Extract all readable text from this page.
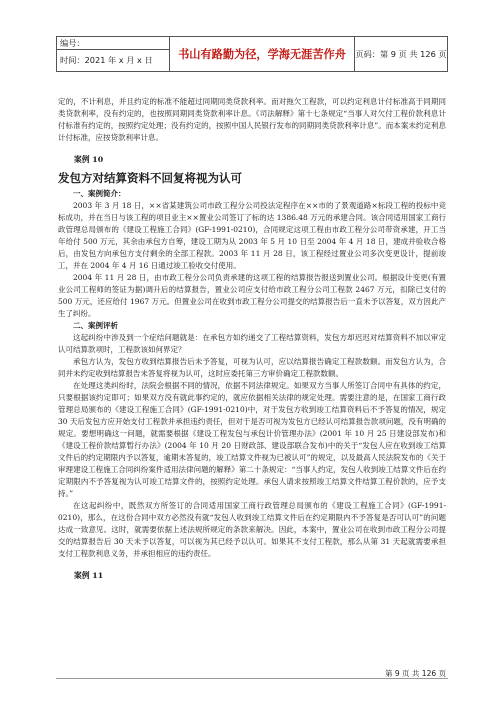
编号：
时间：2021 年 x 月 x 日	书山有路勤为径，学海无涯苦作舟	页码：第 9 页 共 126 页

定的，不计利息，并且约定的标准不能超过同期同类贷款利率。而对拖欠工程款，可以约定利息计付标准高于同期同类贷款利率，没有约定的，也按照同期同类贷款利率计息。《司法解释》第十七条规定“当事人对欠付工程价款利息计付标准有约定的，按照约定处理；没有约定的，按照中国人民银行发布的同期同类贷款利率计息”。而本案未约定利息计付标准，应按贷款利率计息。

案例 10

发包方对结算资料不回复将视为认可

一、案例简介：

2003 年 3 月 18 日，××省某建筑公司市政工程分公司投法定程序在××市的了景观道路×标段工程的投标中竞标成功，并在当日与该工程的项目业主××置业公司签订了标的达 1386.48 万元的承建合同。该合同适用国家工商行政管理总局颁布的《建设工程施工合同》(GF-1991-0210)，合同规定这项工程由市政工程分公司带资承建，开工当年给付 500 万元，其余由承包方自筹，建设工期为从 2003 年 5 月 10 日至 2004 年 4 月 18 日，建成并验收合格后，由发包方向承包方支付剩余的全部工程款。2003 年 11 月 28 日，该工程经过置业公司多次变更设计，提前竣工，并在 2004 年 4 月 16 日通过竣工验收交付使用。

2004 年 11 月 28 日，由市政工程分公司负责承建的这项工程的结算报告报送到置业公司。根据设计变更(有置业公司工程师的签证为据)调升后的结算报告，置业公司应支付给市政工程分公司工程款 2467 万元，扣除已支付的 500 万元，还应给付 1967 万元。但置业公司在收到市政工程分公司提交的结算报告后一直未予以答复，双方因此产生了纠纷。

二、案例评析

这起纠纷中涉及到一个症结问题就是：在承包方如约递交了工程结算资料，发包方却迟迟对结算资料不加以审定认可结算款项时，工程款该如何界定？

承包方认为，发包方收到结算报告后未予答复，可视为认可，应以结算报告确定工程款数额。而发包方认为，合同并未约定收到结算报告未答复将视为认可，这时应委托第三方审价确定工程款数额。

在处理这类纠纷时，法院会根据不同的情况，依据不同法律规定。如果双方当事人所签订合同中有具体的约定，只要根据该约定即可；如果双方没有就此事约定的，就应依据相关法律的规定处理。需要注意的是，在国家工商行政管理总局颁布的《建设工程施工合同》(GF-1991-0210)中，对于发包方收到竣工结算资料后不予答复的情况，规定 30 天后发包方应开始支付工程款并承担违约责任，但对于是否可视为发包方已经认可结算报告款项问题，没有明确的规定。要想明确这一问题，就需要根据《建设工程发包与承包计价管理办法》(2001 年 10 月 25 日建设部发布)和《建设工程价款结算暂行办法》(2004 年 10 月 20 日财政部、建设部联合发布)中的关于“发包人应在收到竣工结算文件后的约定期限内予以答复，逾期未答复的，竣工结算文件视为已被认可”的规定，以及最高人民法院发布的《关于审理建设工程施工合同纠纷案件适用法律问题的解释》第二十条规定：“当事人约定，发包人收到竣工结算文件后在约定期限内不予答复视为认可竣工结算文件的，按照约定处理。承包人请求按照竣工结算文件结算工程价款的，应予支持。”

在这起纠纷中，既然双方所签订的合同适用国家工商行政管理总局颁布的《建设工程施工合同》(GF-1991-0210)，那么，在这份合同中双方必然没有就“发包人收到竣工结算文件后在约定期限内不予答复是否可认可”的问题达成一致意见。这时，就需要依据上述法规所规定的条款来解决。因此，本案中，置业公司在收到市政工程分公司提交的结算报告后 30 天未予以答复，可以视为其已经予以认可。如果其不支付工程款，那么从第 31 天起就需要承担支付工程款利息义务，并承担相应的违约责任。

案例 11

第 9 页 共 126 页
